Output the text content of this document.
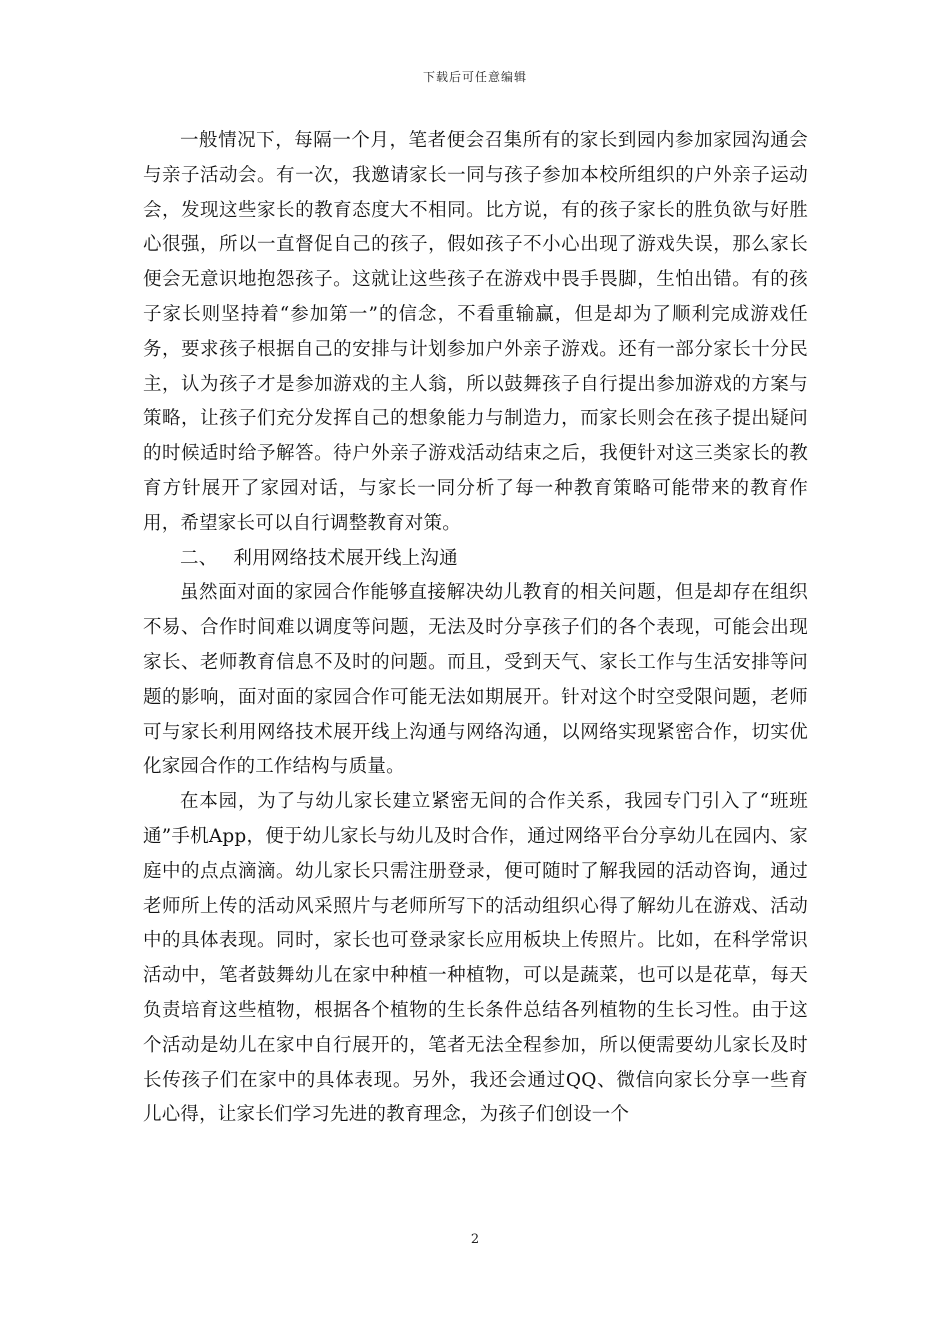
下载后可任意编辑

一般情况下，每隔一个月，笔者便会召集所有的家长到园内参加家园沟通会与亲子活动会。有一次，我邀请家长一同与孩子参加本校所组织的户外亲子运动会，发现这些家长的教育态度大不相同。比方说，有的孩子家长的胜负欲与好胜心很强，所以一直督促自己的孩子，假如孩子不小心出现了游戏失误，那么家长便会无意识地抱怨孩子。这就让这些孩子在游戏中畏手畏脚，生怕出错。有的孩子家长则坚持着“参加第一”的信念，不看重输赢，但是却为了顺利完成游戏任务，要求孩子根据自己的安排与计划参加户外亲子游戏。还有一部分家长十分民主，认为孩子才是参加游戏的主人翁，所以鼓舞孩子自行提出参加游戏的方案与策略，让孩子们充分发挥自己的想象能力与制造力，而家长则会在孩子提出疑问的时候适时给予解答。待户外亲子游戏活动结束之后，我便针对这三类家长的教育方针展开了家园对话，与家长一同分析了每一种教育策略可能带来的教育作用，希望家长可以自行调整教育对策。

二、 利用网络技术展开线上沟通

虽然面对面的家园合作能够直接解决幼儿教育的相关问题，但是却存在组织不易、合作时间难以调度等问题，无法及时分享孩子们的各个表现，可能会出现家长、老师教育信息不及时的问题。而且，受到天气、家长工作与生活安排等问题的影响，面对面的家园合作可能无法如期展开。针对这个时空受限问题，老师可与家长利用网络技术展开线上沟通与网络沟通，以网络实现紧密合作，切实优化家园合作的工作结构与质量。

在本园，为了与幼儿家长建立紧密无间的合作关系，我园专门引入了“班班通”手机App，便于幼儿家长与幼儿及时合作，通过网络平台分享幼儿在园内、家庭中的点点滴滴。幼儿家长只需注册登录，便可随时了解我园的活动咨询，通过老师所上传的活动风采照片与老师所写下的活动组织心得了解幼儿在游戏、活动中的具体表现。同时，家长也可登录家长应用板块上传照片。比如，在科学常识活动中，笔者鼓舞幼儿在家中种植一种植物，可以是蔬菜，也可以是花草，每天负责培育这些植物，根据各个植物的生长条件总结各列植物的生长习性。由于这个活动是幼儿在家中自行展开的，笔者无法全程参加，所以便需要幼儿家长及时长传孩子们在家中的具体表现。另外，我还会通过QQ、微信向家长分享一些育儿心得，让家长们学习先进的教育理念，为孩子们创设一个

2
